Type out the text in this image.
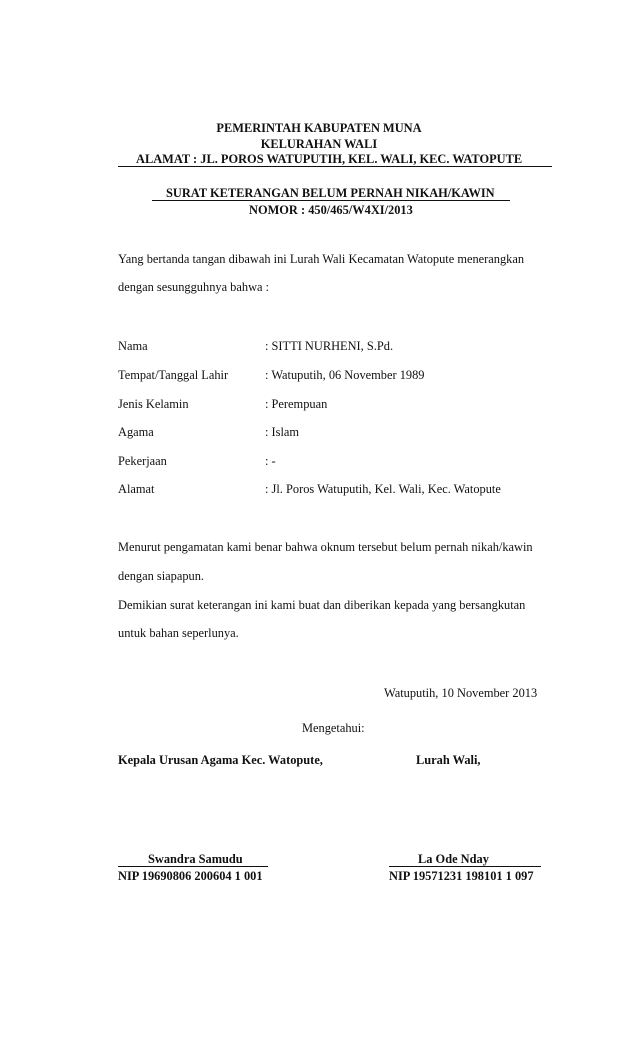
PEMERINTAH KABUPATEN MUNA
KELURAHAN WALI
ALAMAT : JL. POROS WATUPUTIH, KEL. WALI, KEC. WATOPUTE
SURAT KETERANGAN BELUM PERNAH NIKAH/KAWIN
NOMOR : 450/465/W4XI/2013
Yang bertanda tangan dibawah ini Lurah Wali Kecamatan Watopute menerangkan
dengan sesungguhnya bahwa :
Nama	: SITTI NURHENI, S.Pd.
Tempat/Tanggal Lahir	: Watuputih, 06 November 1989
Jenis Kelamin	: Perempuan
Agama	: Islam
Pekerjaan	: -
Alamat	: Jl. Poros Watuputih, Kel. Wali, Kec. Watopute
Menurut pengamatan kami benar bahwa oknum tersebut belum pernah nikah/kawin
dengan siapapun.
Demikian surat keterangan ini kami buat dan diberikan kepada yang bersangkutan
untuk bahan seperlunya.
Watuputih, 10 November 2013
Mengetahui:
Kepala Urusan Agama Kec. Watopute,	Lurah Wali,
Swandra Samudu	La Ode Nday
NIP 19690806 200604 1 001	NIP 19571231 198101 1 097
